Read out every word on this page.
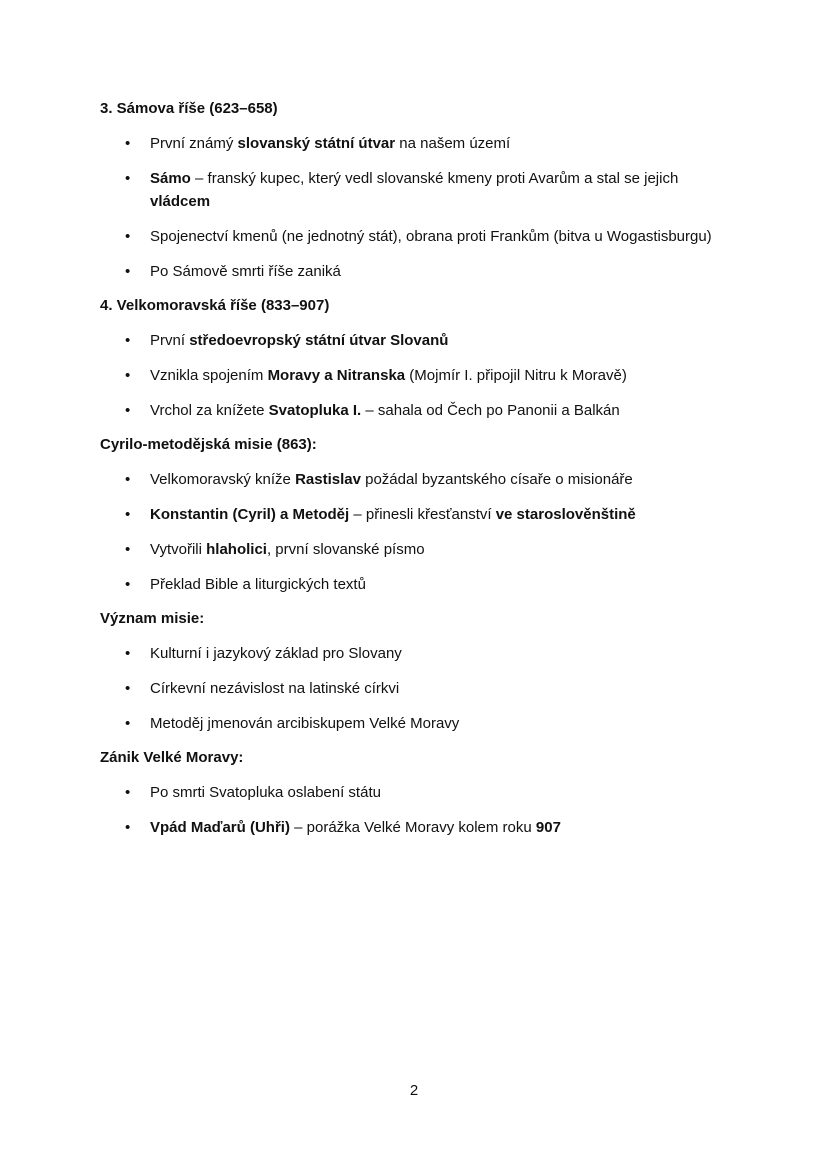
3. Sámova říše (623–658)
• První známý slovanský státní útvar na našem území
• Sámo – franský kupec, který vedl slovanské kmeny proti Avarům a stal se jejich vládcem
• Spojenectví kmenů (ne jednotný stát), obrana proti Frankům (bitva u Wogastisburgu)
• Po Sámově smrti říše zaniká
4. Velkomoravská říše (833–907)
• První středoevropský státní útvar Slovanů
• Vznikla spojením Moravy a Nitranska (Mojmír I. připojil Nitru k Moravě)
• Vrchol za knížete Svatopluka I. – sahala od Čech po Panonii a Balkán
Cyrilo-metodějská misie (863):
• Velkomoravský kníže Rastislav požádal byzantského císaře o misionáře
• Konstantin (Cyril) a Metoděj – přinesli křesťanství ve staroslověnštině
• Vytvořili hlaholici, první slovanské písmo
• Překlad Bible a liturgických textů
Význam misie:
• Kulturní i jazykový základ pro Slovany
• Církevní nezávislost na latinské církvi
• Metoděj jmenován arcibiskupem Velké Moravy
Zánik Velké Moravy:
• Po smrti Svatopluka oslabení státu
• Vpád Maďarů (Uhři) – porážka Velké Moravy kolem roku 907
2
